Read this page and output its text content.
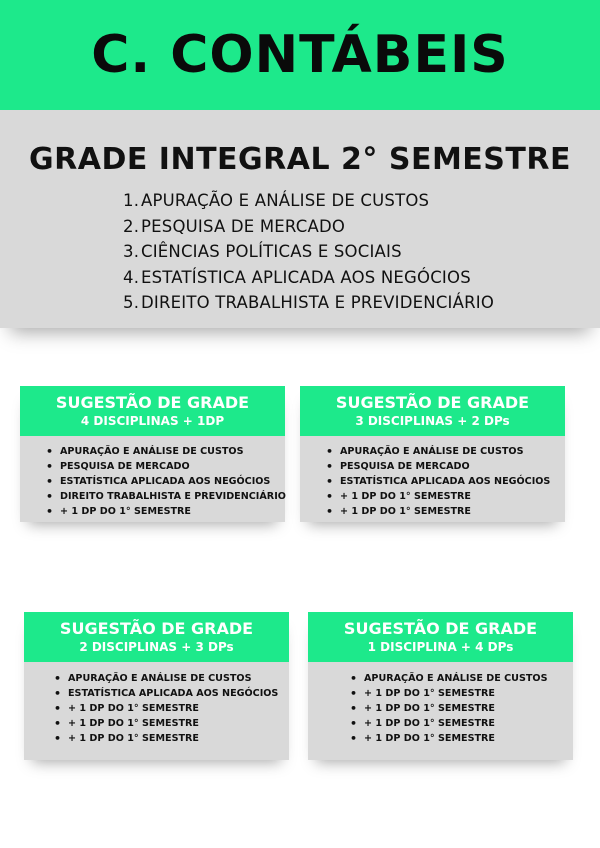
C. CONTÁBEIS
GRADE INTEGRAL 2° SEMESTRE
1. APURAÇÃO E ANÁLISE DE CUSTOS
2. PESQUISA DE MERCADO
3. CIÊNCIAS POLÍTICAS E SOCIAIS
4. ESTATÍSTICA APLICADA AOS NEGÓCIOS
5. DIREITO TRABALHISTA E PREVIDENCIÁRIO
SUGESTÃO DE GRADE
4 DISCIPLINAS + 1DP
• APURAÇÃO E ANÁLISE DE CUSTOS
• PESQUISA DE MERCADO
• ESTATÍSTICA APLICADA AOS NEGÓCIOS
• DIREITO TRABALHISTA E PREVIDENCIÁRIO
• + 1 DP DO 1° SEMESTRE
SUGESTÃO DE GRADE
3 DISCIPLINAS + 2 DPs
• APURAÇÃO E ANÁLISE DE CUSTOS
• PESQUISA DE MERCADO
• ESTATÍSTICA APLICADA AOS NEGÓCIOS
• + 1 DP DO 1° SEMESTRE
• + 1 DP DO 1° SEMESTRE
SUGESTÃO DE GRADE
2 DISCIPLINAS + 3 DPs
• APURAÇÃO E ANÁLISE DE CUSTOS
• ESTATÍSTICA APLICADA AOS NEGÓCIOS
• + 1 DP DO 1° SEMESTRE
• + 1 DP DO 1° SEMESTRE
• + 1 DP DO 1° SEMESTRE
SUGESTÃO DE GRADE
1 DISCIPLINA + 4 DPs
• APURAÇÃO E ANÁLISE DE CUSTOS
• + 1 DP DO 1° SEMESTRE
• + 1 DP DO 1° SEMESTRE
• + 1 DP DO 1° SEMESTRE
• + 1 DP DO 1° SEMESTRE
